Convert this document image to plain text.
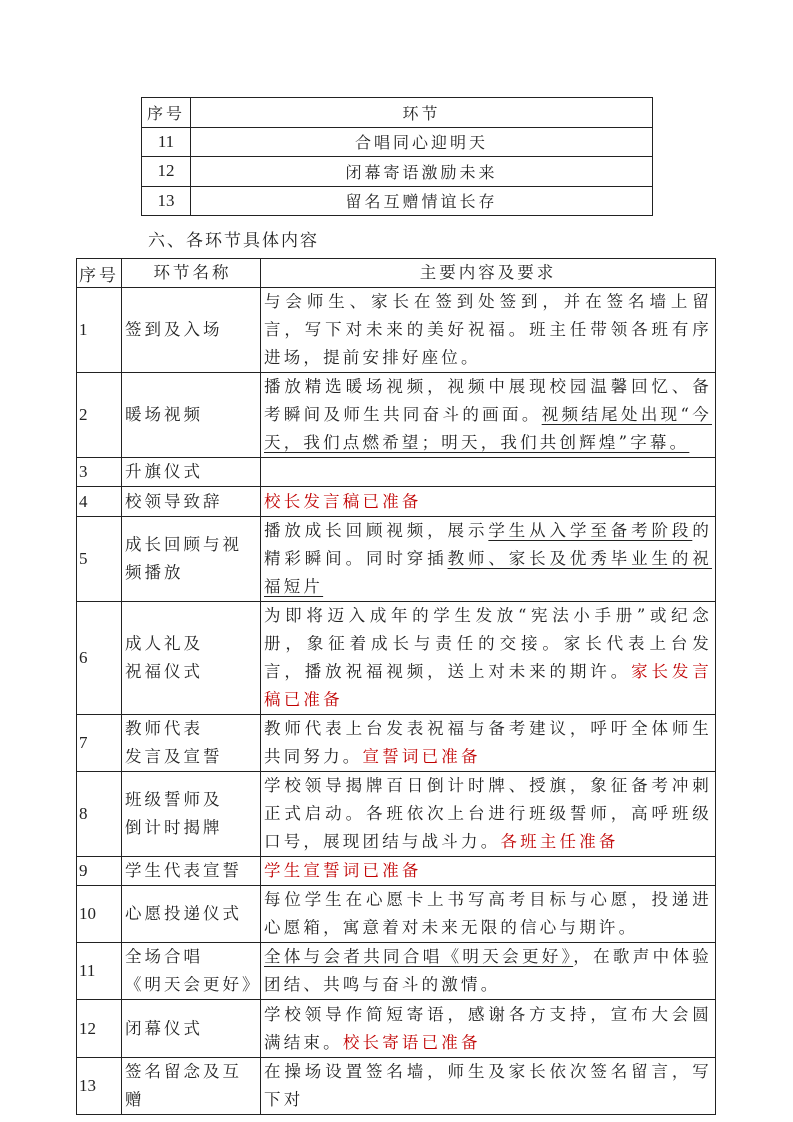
序号	环节
11	合唱同心迎明天
12	闭幕寄语激励未来
13	留名互赠情谊长存
六、各环节具体内容
序号	环节名称	主要内容及要求
1	签到及入场	与会师生、家长在签到处签到，并在签名墙上留言，写下对未来的美好祝福。班主任带领各班有序进场，提前安排好座位。
2	暖场视频	播放精选暖场视频，视频中展现校园温馨回忆、备考瞬间及师生共同奋斗的画面。视频结尾处出现“今天，我们点燃希望；明天，我们共创辉煌”字幕。
3	升旗仪式	

4	校领导致辞	校长发言稿已准备
5	成长回顾与视频播放	播放成长回顾视频，展示学生从入学至备考阶段的精彩瞬间。同时穿插教师、家长及优秀毕业生的祝福短片
6	成人礼及
祝福仪式	为即将迈入成年的学生发放“宪法小手册”或纪念册，象征着成长与责任的交接。家长代表上台发言，播放祝福视频，送上对未来的期许。家长发言稿已准备
7	教师代表
发言及宣誓	教师代表上台发表祝福与备考建议，呼吁全体师生共同努力。宣誓词已准备
8	班级誓师及
倒计时揭牌	学校领导揭牌百日倒计时牌、授旗，象征备考冲刺正式启动。各班依次上台进行班级誓师，高呼班级口号，展现团结与战斗力。各班主任准备
9	学生代表宣誓	学生宣誓词已准备
10	心愿投递仪式	每位学生在心愿卡上书写高考目标与心愿，投递进心愿箱，寓意着对未来无限的信心与期许。
11	全场合唱
《明天会更好》	全体与会者共同合唱《明天会更好》，在歌声中体验团结、共鸣与奋斗的激情。
12	闭幕仪式	学校领导作简短寄语，感谢各方支持，宣布大会圆满结束。校长寄语已准备
13	签名留念及互赠	在操场设置签名墙，师生及家长依次签名留言，写下对
